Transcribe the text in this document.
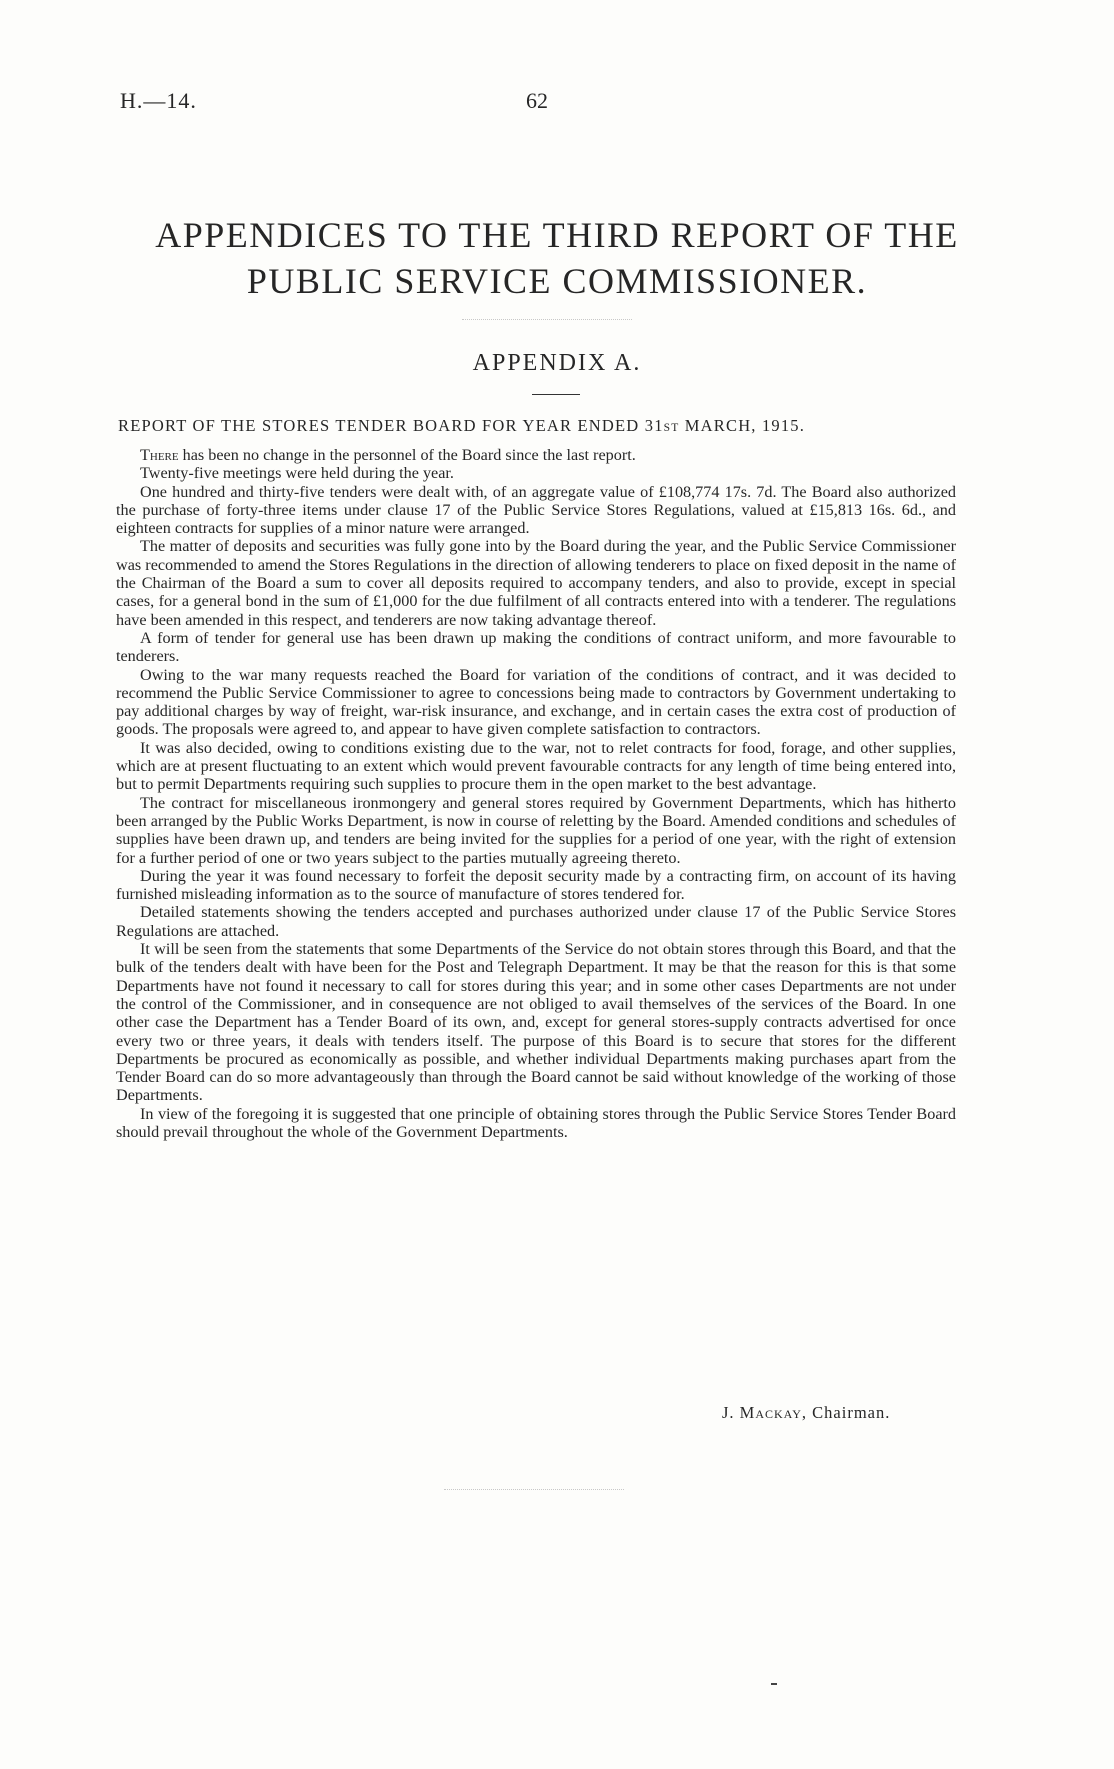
H.—14.	62
APPENDICES TO THE THIRD REPORT OF THE
PUBLIC SERVICE COMMISSIONER.
APPENDIX A.
REPORT OF THE STORES TENDER BOARD FOR YEAR ENDED 31ST MARCH, 1915.

There has been no change in the personnel of the Board since the last report.

Twenty-five meetings were held during the year.

One hundred and thirty-five tenders were dealt with, of an aggregate value of £108,774 17s. 7d. The Board also authorized the purchase of forty-three items under clause 17 of the Public Service Stores Regulations, valued at £15,813 16s. 6d., and eighteen contracts for supplies of a minor nature were arranged.

The matter of deposits and securities was fully gone into by the Board during the year, and the Public Service Commissioner was recommended to amend the Stores Regulations in the direction of allowing tenderers to place on fixed deposit in the name of the Chairman of the Board a sum to cover all deposits required to accompany tenders, and also to provide, except in special cases, for a general bond in the sum of £1,000 for the due fulfilment of all contracts entered into with a tenderer. The regulations have been amended in this respect, and tenderers are now taking advantage thereof.

A form of tender for general use has been drawn up making the conditions of contract uniform, and more favourable to tenderers.

Owing to the war many requests reached the Board for variation of the conditions of contract, and it was decided to recommend the Public Service Commissioner to agree to concessions being made to contractors by Government undertaking to pay additional charges by way of freight, war-risk insurance, and exchange, and in certain cases the extra cost of production of goods. The proposals were agreed to, and appear to have given complete satisfaction to contractors.

It was also decided, owing to conditions existing due to the war, not to relet contracts for food, forage, and other supplies, which are at present fluctuating to an extent which would prevent favourable contracts for any length of time being entered into, but to permit Departments requiring such supplies to procure them in the open market to the best advantage.

The contract for miscellaneous ironmongery and general stores required by Government Departments, which has hitherto been arranged by the Public Works Department, is now in course of reletting by the Board. Amended conditions and schedules of supplies have been drawn up, and tenders are being invited for the supplies for a period of one year, with the right of extension for a further period of one or two years subject to the parties mutually agreeing thereto.

During the year it was found necessary to forfeit the deposit security made by a contracting firm, on account of its having furnished misleading information as to the source of manufacture of stores tendered for.

Detailed statements showing the tenders accepted and purchases authorized under clause 17 of the Public Service Stores Regulations are attached.

It will be seen from the statements that some Departments of the Service do not obtain stores through this Board, and that the bulk of the tenders dealt with have been for the Post and Telegraph Department. It may be that the reason for this is that some Departments have not found it necessary to call for stores during this year; and in some other cases Departments are not under the control of the Commissioner, and in consequence are not obliged to avail themselves of the services of the Board. In one other case the Department has a Tender Board of its own, and, except for general stores-supply contracts advertised for once every two or three years, it deals with tenders itself. The purpose of this Board is to secure that stores for the different Departments be procured as economically as possible, and whether individual Departments making purchases apart from the Tender Board can do so more advantageously than through the Board cannot be said without knowledge of the working of those Departments.

In view of the foregoing it is suggested that one principle of obtaining stores through the Public Service Stores Tender Board should prevail throughout the whole of the Government Departments.

J. Mackay, Chairman.
